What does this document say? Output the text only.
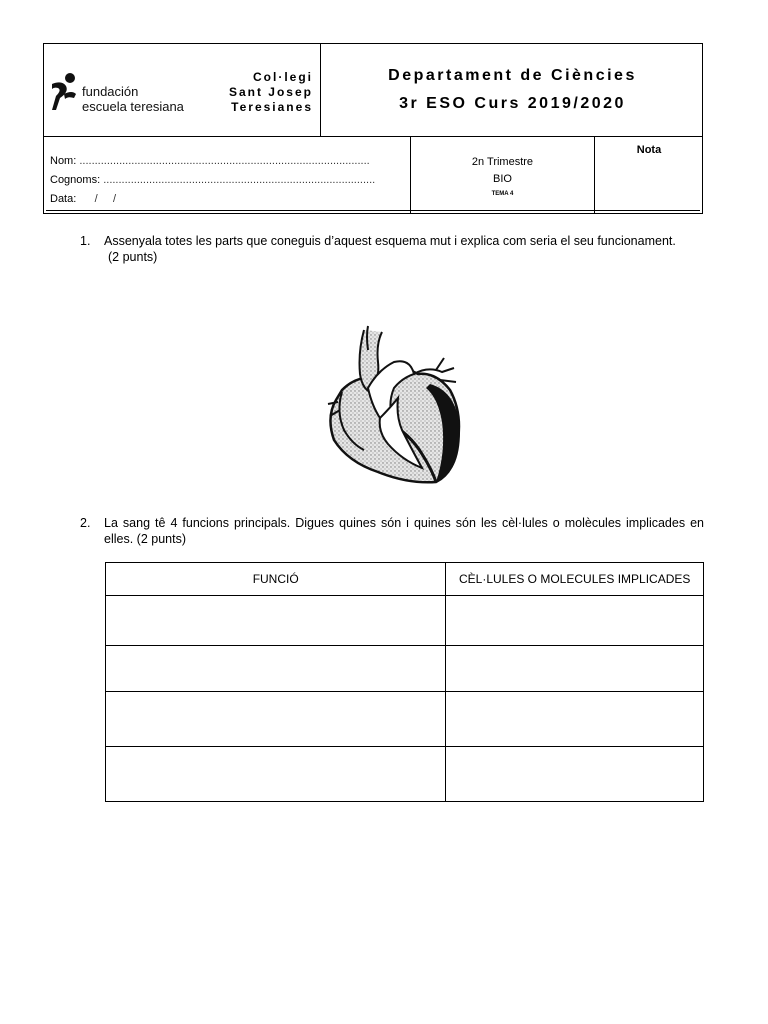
fundación
escuela teresiana
Col·legi
Sant Josep
Teresianes
Departament de Ciències
3r ESO Curs 2019/2020
Nom: ...............................................................................................
Cognoms: .........................................................................................
Data:      /     /
2n Trimestre
BIO
TEMA 4
Nota
1. Assenyala totes les parts que coneguis d’aquest esquema mut i explica com seria el seu funcionament.
(2 punts)
2. La sang tê 4 funcions principals. Digues quines són i quines són les cèl·lules o molècules implicades en elles. (2 punts)
FUNCIÓ	CÈL·LULES O MOLECULES IMPLICADES
